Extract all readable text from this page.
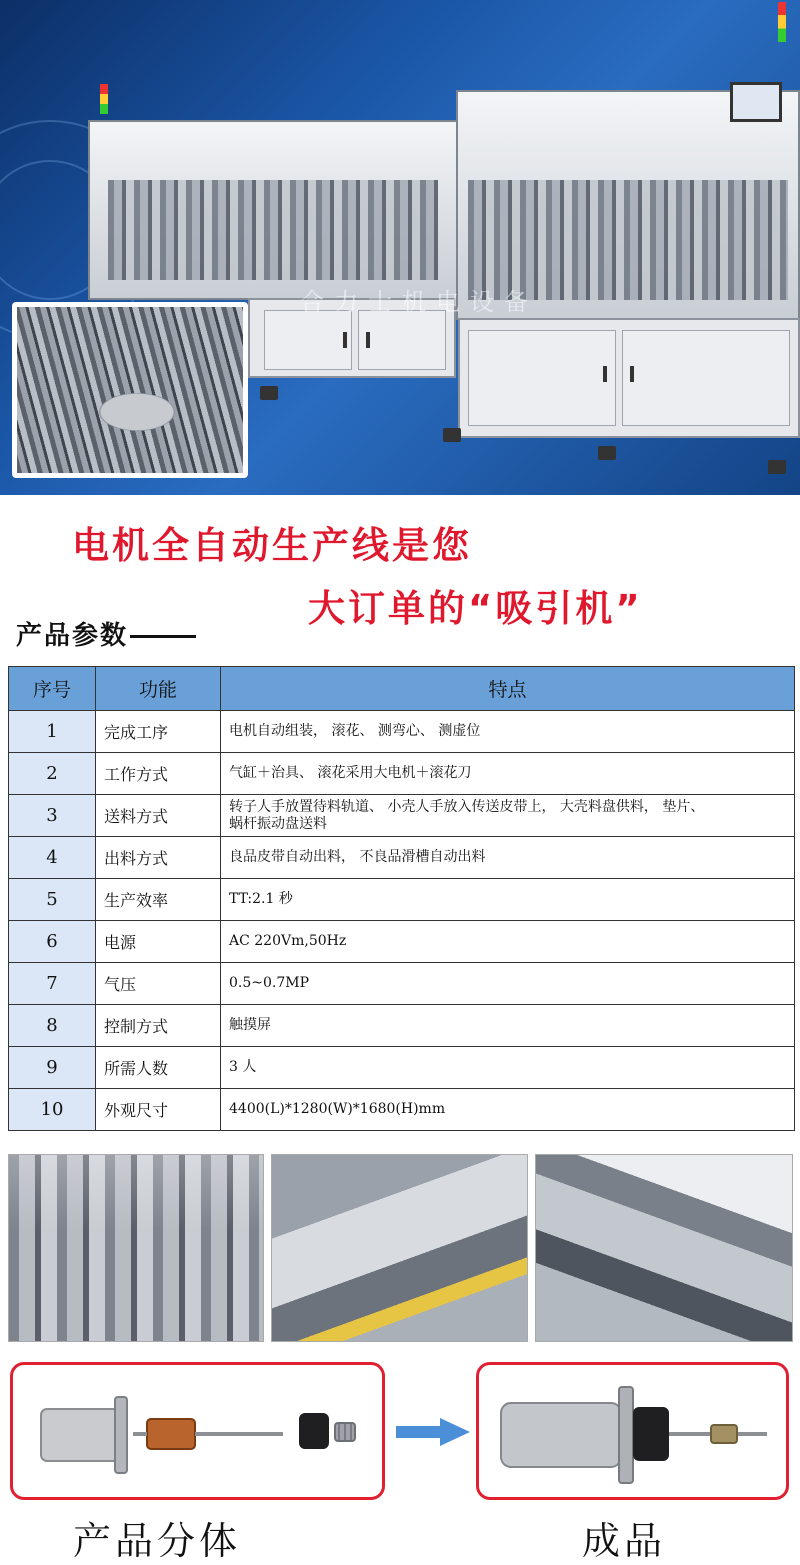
合力士机电设备
电机全自动生产线是您
大订单的“吸引机”
产品参数
序号	功能	特点
1	完成工序	电机自动组装， 滚花、 测弯心、 测虚位
2	工作方式	气缸＋治具、 滚花采用大电机＋滚花刀
3	送料方式	转子人手放置待料轨道、 小壳人手放入传送皮带上， 大壳料盘供料， 垫片、 蜗杆振动盘送料
4	出料方式	良品皮带自动出料， 不良品滑槽自动出料
5	生产效率	TT:2.1 秒
6	电源	AC 220Vm,50Hz
7	气压	0.5~0.7MP
8	控制方式	触摸屏
9	所需人数	3 人
10	外观尺寸	4400(L)*1280(W)*1680(H)mm
产品分体	成品
